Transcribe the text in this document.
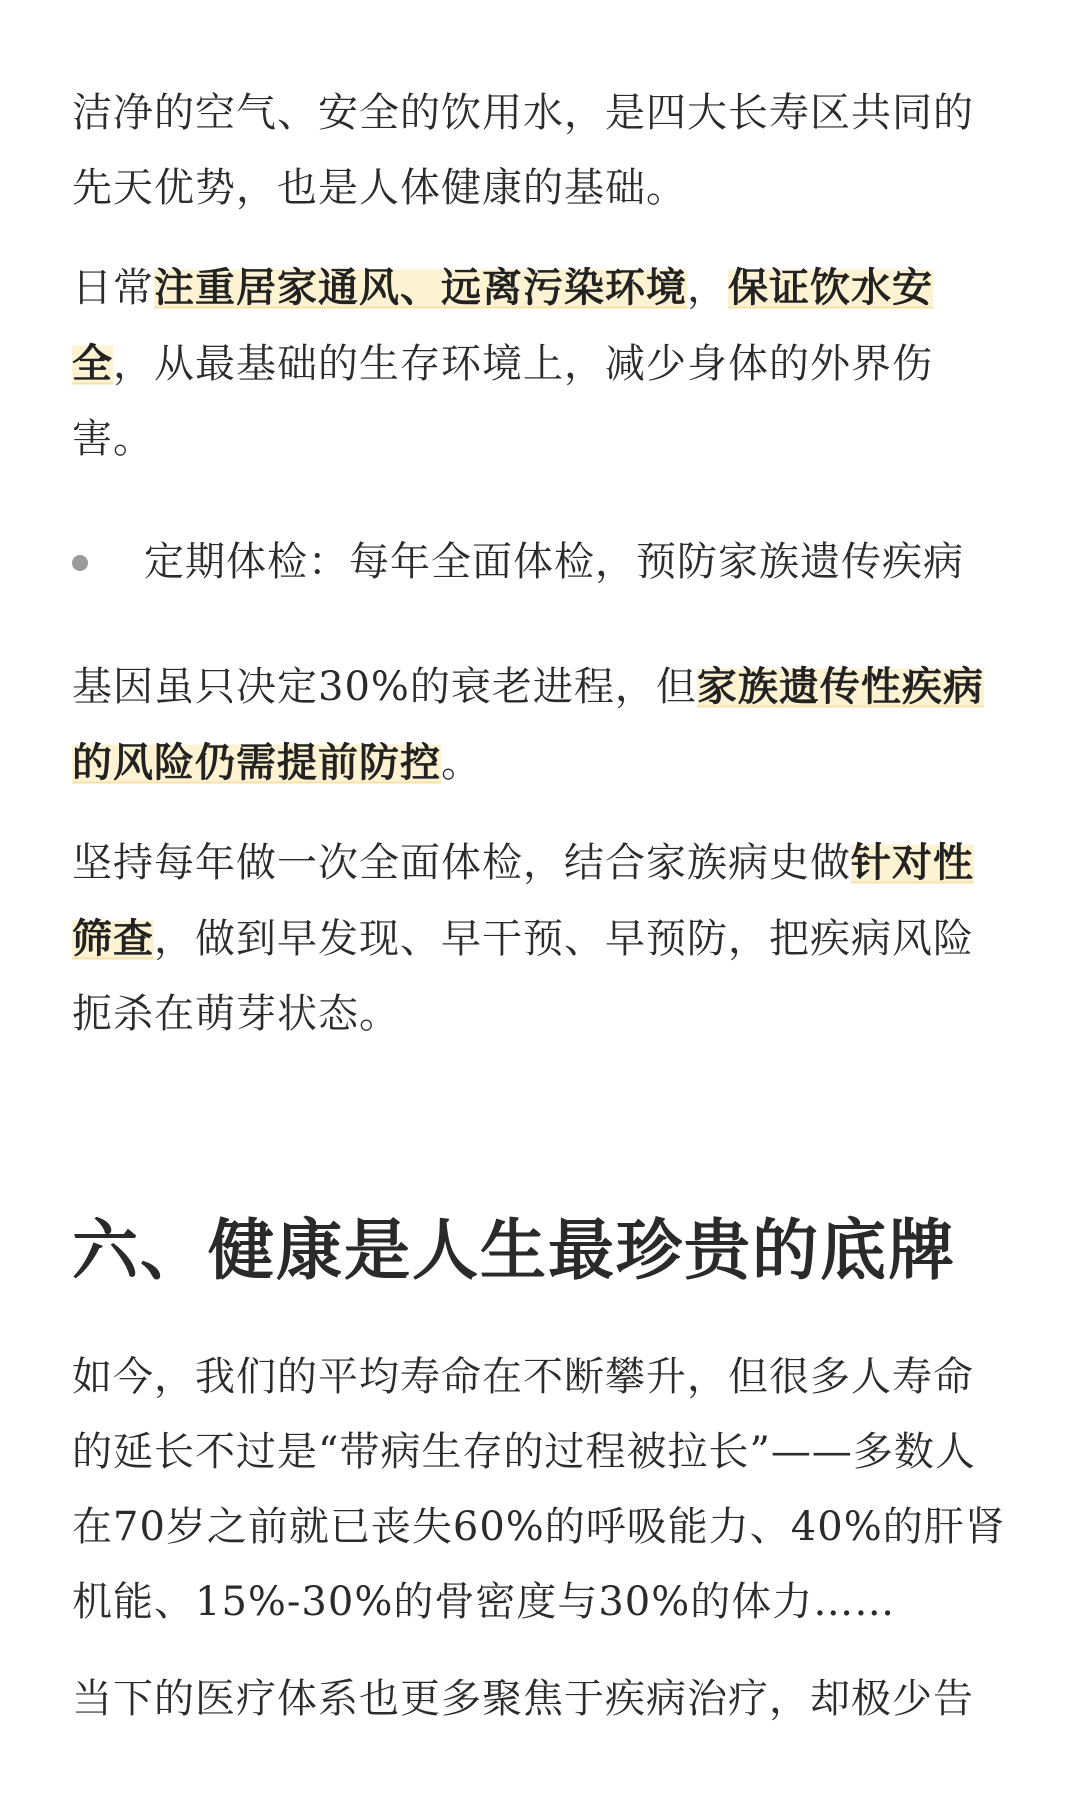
洁净的空气、安全的饮用水，是四大长寿区共同的先天优势，也是人体健康的基础。

日常注重居家通风、远离污染环境，保证饮水安全，从最基础的生存环境上，减少身体的外界伤害。

定期体检：每年全面体检，预防家族遗传疾病

基因虽只决定30%的衰老进程，但家族遗传性疾病的风险仍需提前防控。

坚持每年做一次全面体检，结合家族病史做针对性筛查，做到早发现、早干预、早预防，把疾病风险扼杀在萌芽状态。

六、健康是人生最珍贵的底牌

如今，我们的平均寿命在不断攀升，但很多人寿命的延长不过是“带病生存的过程被拉长”——多数人在70岁之前就已丧失60%的呼吸能力、40%的肝肾机能、15%-30%的骨密度与30%的体力……

当下的医疗体系也更多聚焦于疾病治疗，却极少告
